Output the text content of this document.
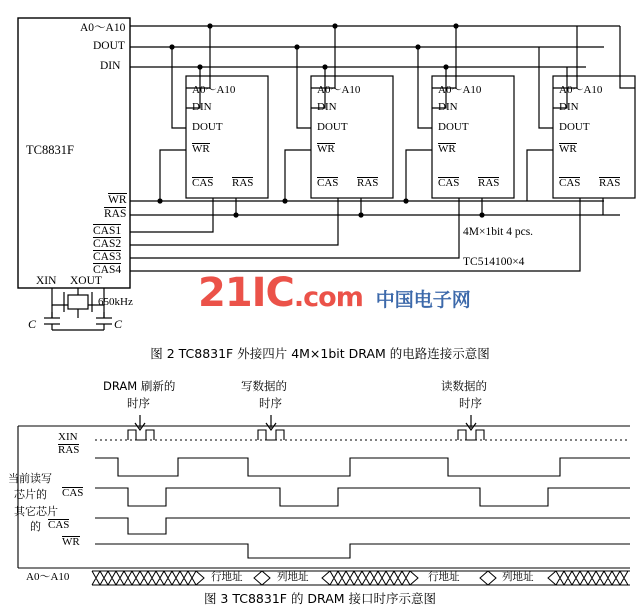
A0～A10
DOUT
DIN
TC8831F
WR
RAS
CAS1
CAS2
CAS3
CAS4
XIN XOUT
650kHz
C	C
A0～A10
DIN
DOUT
WR
CAS RAS
A0～A10
DIN
DOUT
WR
CAS RAS
A0～A10
DIN
DOUT
WR
CAS RAS
A0～A10
DIN
DOUT
WR
CAS RAS
4M×1bit 4 pcs.
TC514100×4
21IC.com 中国电子网
图 2 TC8831F 外接四片 4M×1bit DRAM 的电路连接示意图
DRAM 刷新的
时序
写数据的
时序
读数据的
时序
XIN
RAS
当前读写
芯片的 CAS
其它芯片
的 CAS
WR
A0～A10	行地址	列地址	行地址	列地址
图 3 TC8831F 的 DRAM 接口时序示意图
